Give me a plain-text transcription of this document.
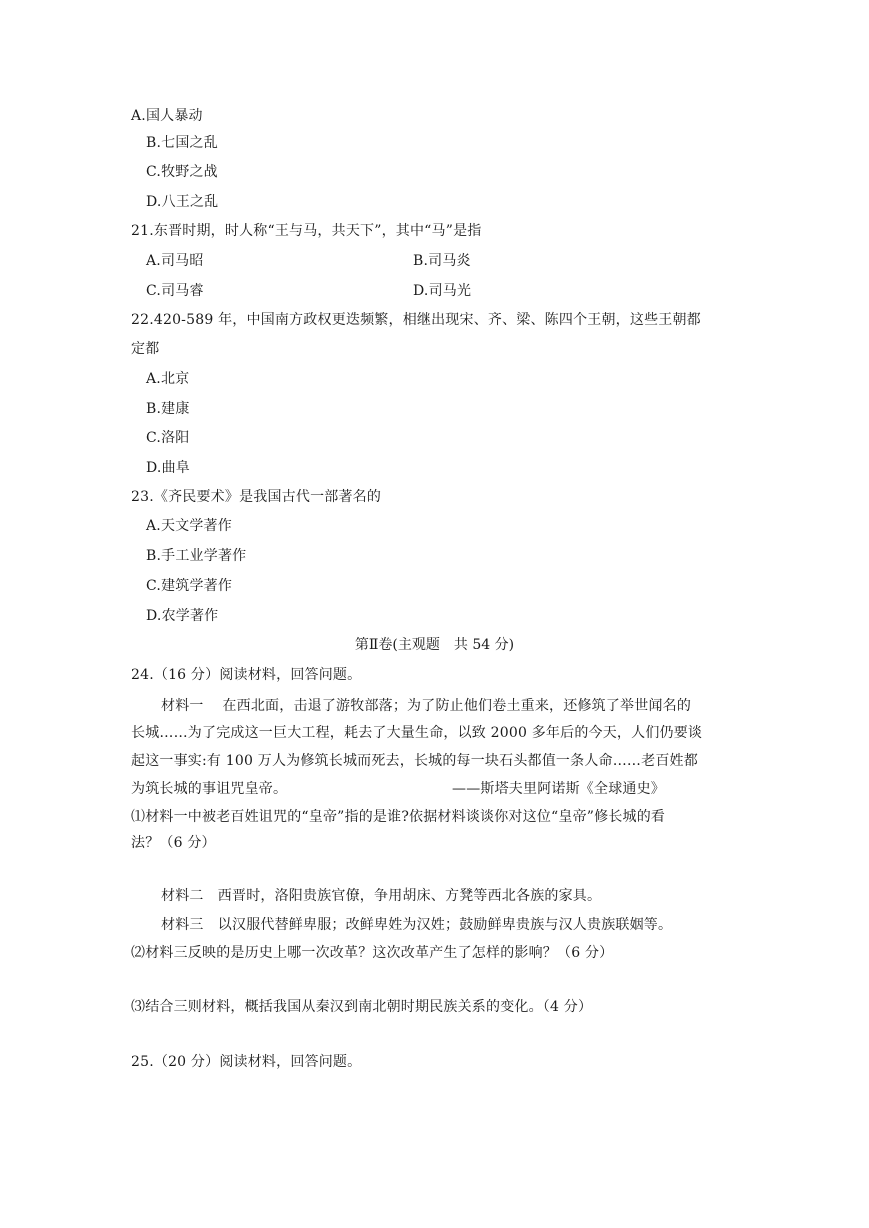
A.国人暴动
B.七国之乱
C.牧野之战
D.八王之乱
21.东晋时期，时人称“王与马，共天下”，其中“马”是指
A.司马昭	B.司马炎
C.司马睿	D.司马光
22.420-589 年，中国南方政权更迭频繁，相继出现宋、齐、梁、陈四个王朝，这些王朝都
定都
A.北京
B.建康
C.洛阳
D.曲阜
23.《齐民要术》是我国古代一部著名的
A.天文学著作
B.手工业学著作
C.建筑学著作
D.农学著作
第Ⅱ卷(主观题　共 54 分)
24.（16 分）阅读材料，回答问题。
材料一　 在西北面，击退了游牧部落；为了防止他们卷土重来，还修筑了举世闻名的
长城……为了完成这一巨大工程，耗去了大量生命，以致 2000 多年后的今天，人们仍要谈
起这一事实:有 100 万人为修筑长城而死去，长城的每一块石头都值一条人命……老百姓都
为筑长城的事诅咒皇帝。	——斯塔夫里阿诺斯《全球通史》
⑴材料一中被老百姓诅咒的“皇帝”指的是谁?依据材料谈谈你对这位“皇帝”修长城的看
法？（6 分）
材料二　西晋时，洛阳贵族官僚，争用胡床、方凳等西北各族的家具。
材料三　以汉服代替鲜卑服；改鲜卑姓为汉姓；鼓励鲜卑贵族与汉人贵族联姻等。
⑵材料三反映的是历史上哪一次改革？这次改革产生了怎样的影响？（6 分）
⑶结合三则材料，概括我国从秦汉到南北朝时期民族关系的变化。（4 分）
25.（20 分）阅读材料，回答问题。
